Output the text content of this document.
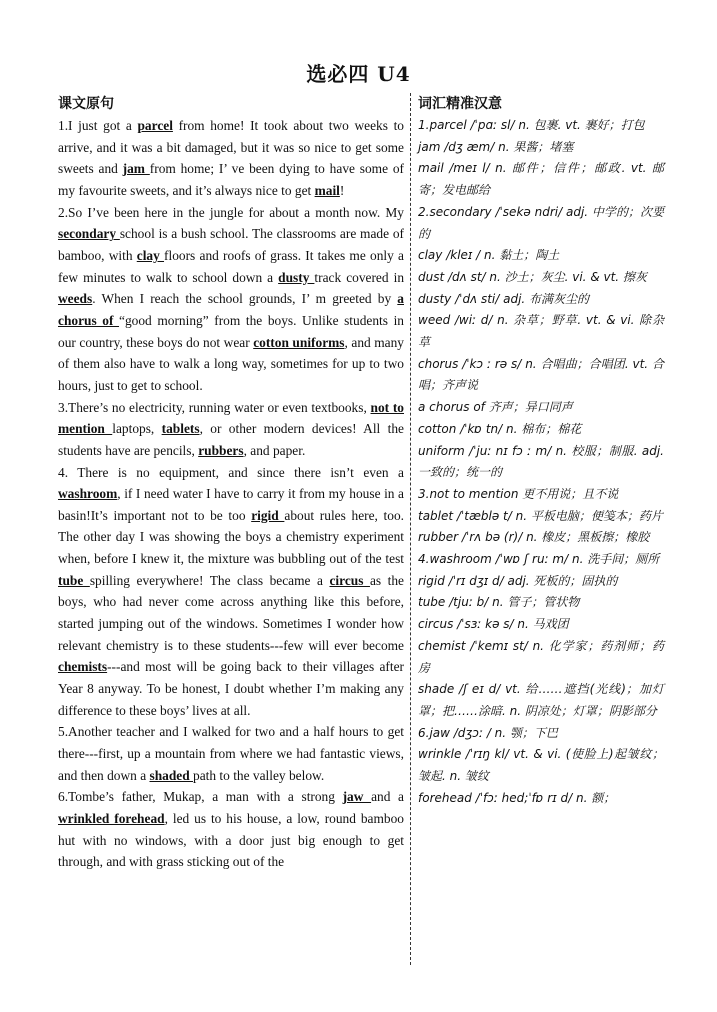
选必四 U4
课文原句

1.I just got a parcel from home! It took about two weeks to arrive, and it was a bit damaged, but it was so nice to get some sweets and jam from home; I’ ve been dying to have some of my favourite sweets, and it’s always nice to get mail!

2.So I’ve been here in the jungle for about a month now. My secondary school is a bush school. The classrooms are made of bamboo, with clay floors and roofs of grass. It takes me only a few minutes to walk to school down a dusty track covered in weeds. When I reach the school grounds, I’ m greeted by a chorus of “good morning” from the boys. Unlike students in our country, these boys do not wear cotton uniforms, and many of them also have to walk a long way, sometimes for up to two hours, just to get to school.

3.There’s no electricity, running water or even textbooks, not to mention laptops, tablets, or other modern devices! All the students have are pencils, rubbers, and paper.

4. There is no equipment, and since there isn’t even a washroom, if I need water I have to carry it from my house in a basin!It’s important not to be too rigid about rules here, too. The other day I was showing the boys a chemistry experiment when, before I knew it, the mixture was bubbling out of the test tube spilling everywhere! The class became a circus as the boys, who had never come across anything like this before, started jumping out of the windows. Sometimes I wonder how relevant chemistry is to these students---few will ever become chemists---and most will be going back to their villages after Year 8 anyway. To be honest, I doubt whether I’m making any difference to these boys’ lives at all.

5.Another teacher and I walked for two and a half hours to get there---first, up a mountain from where we had fantastic views, and then down a shaded path to the valley below.

6.Tombe’s father, Mukap, a man with a strong jaw and a wrinkled forehead, led us to his house, a low, round bamboo hut with no windows, with a door just big enough to get through, and with grass sticking out of the

词汇精准汉意

1.parcel /ˈpɑː sl/ n. 包裹. vt. 裹好；打包

jam /dʒ æm/ n. 果酱；堵塞

mail /meɪ l/ n. 邮件；信件；邮政. vt. 邮寄；发电邮给

2.secondary /ˈsekə ndri/ adj. 中学的；次要的

clay /kleɪ / n. 黏土；陶土

dust /dʌ st/ n. 沙土；灰尘. vi. & vt. 擦灰

dusty /ˈdʌ sti/ adj. 布满灰尘的

weed /wiː d/ n. 杂草；野草. vt. & vi. 除杂草

chorus /ˈkɔ ː rə s/ n. 合唱曲；合唱团. vt. 合唱；齐声说

a chorus of 齐声；异口同声

cotton /ˈkɒ tn/ n. 棉布；棉花

uniform /ˈjuː nɪ fɔ ː m/ n. 校服；制服. adj. 一致的；统一的

3.not to mention 更不用说；且不说

tablet /ˈtæblə t/ n. 平板电脑；便笺本；药片

rubber /ˈrʌ bə (r)/ n. 橡皮；黑板擦；橡胶

4.washroom /ˈwɒ ʃ ruː m/ n. 洗手间；厕所

rigid /ˈrɪ dʒɪ d/ adj. 死板的；固执的

tube /tjuː b/ n. 管子；管状物

circus /ˈsɜː kə s/ n. 马戏团

chemist /ˈkemɪ st/ n. 化学家；药剂师；药房

shade /ʃ eɪ d/ vt. 给……遮挡(光线)；加灯罩；把……涂暗. n. 阴凉处；灯罩；阴影部分

6.jaw /dʒɔː / n. 颚；下巴

wrinkle /ˈrɪŋ kl/ vt. & vi. (使脸上)起皱纹；皱起. n. 皱纹

forehead /ˈfɔː hed;ˈfɒ rɪ d/ n. 额；
